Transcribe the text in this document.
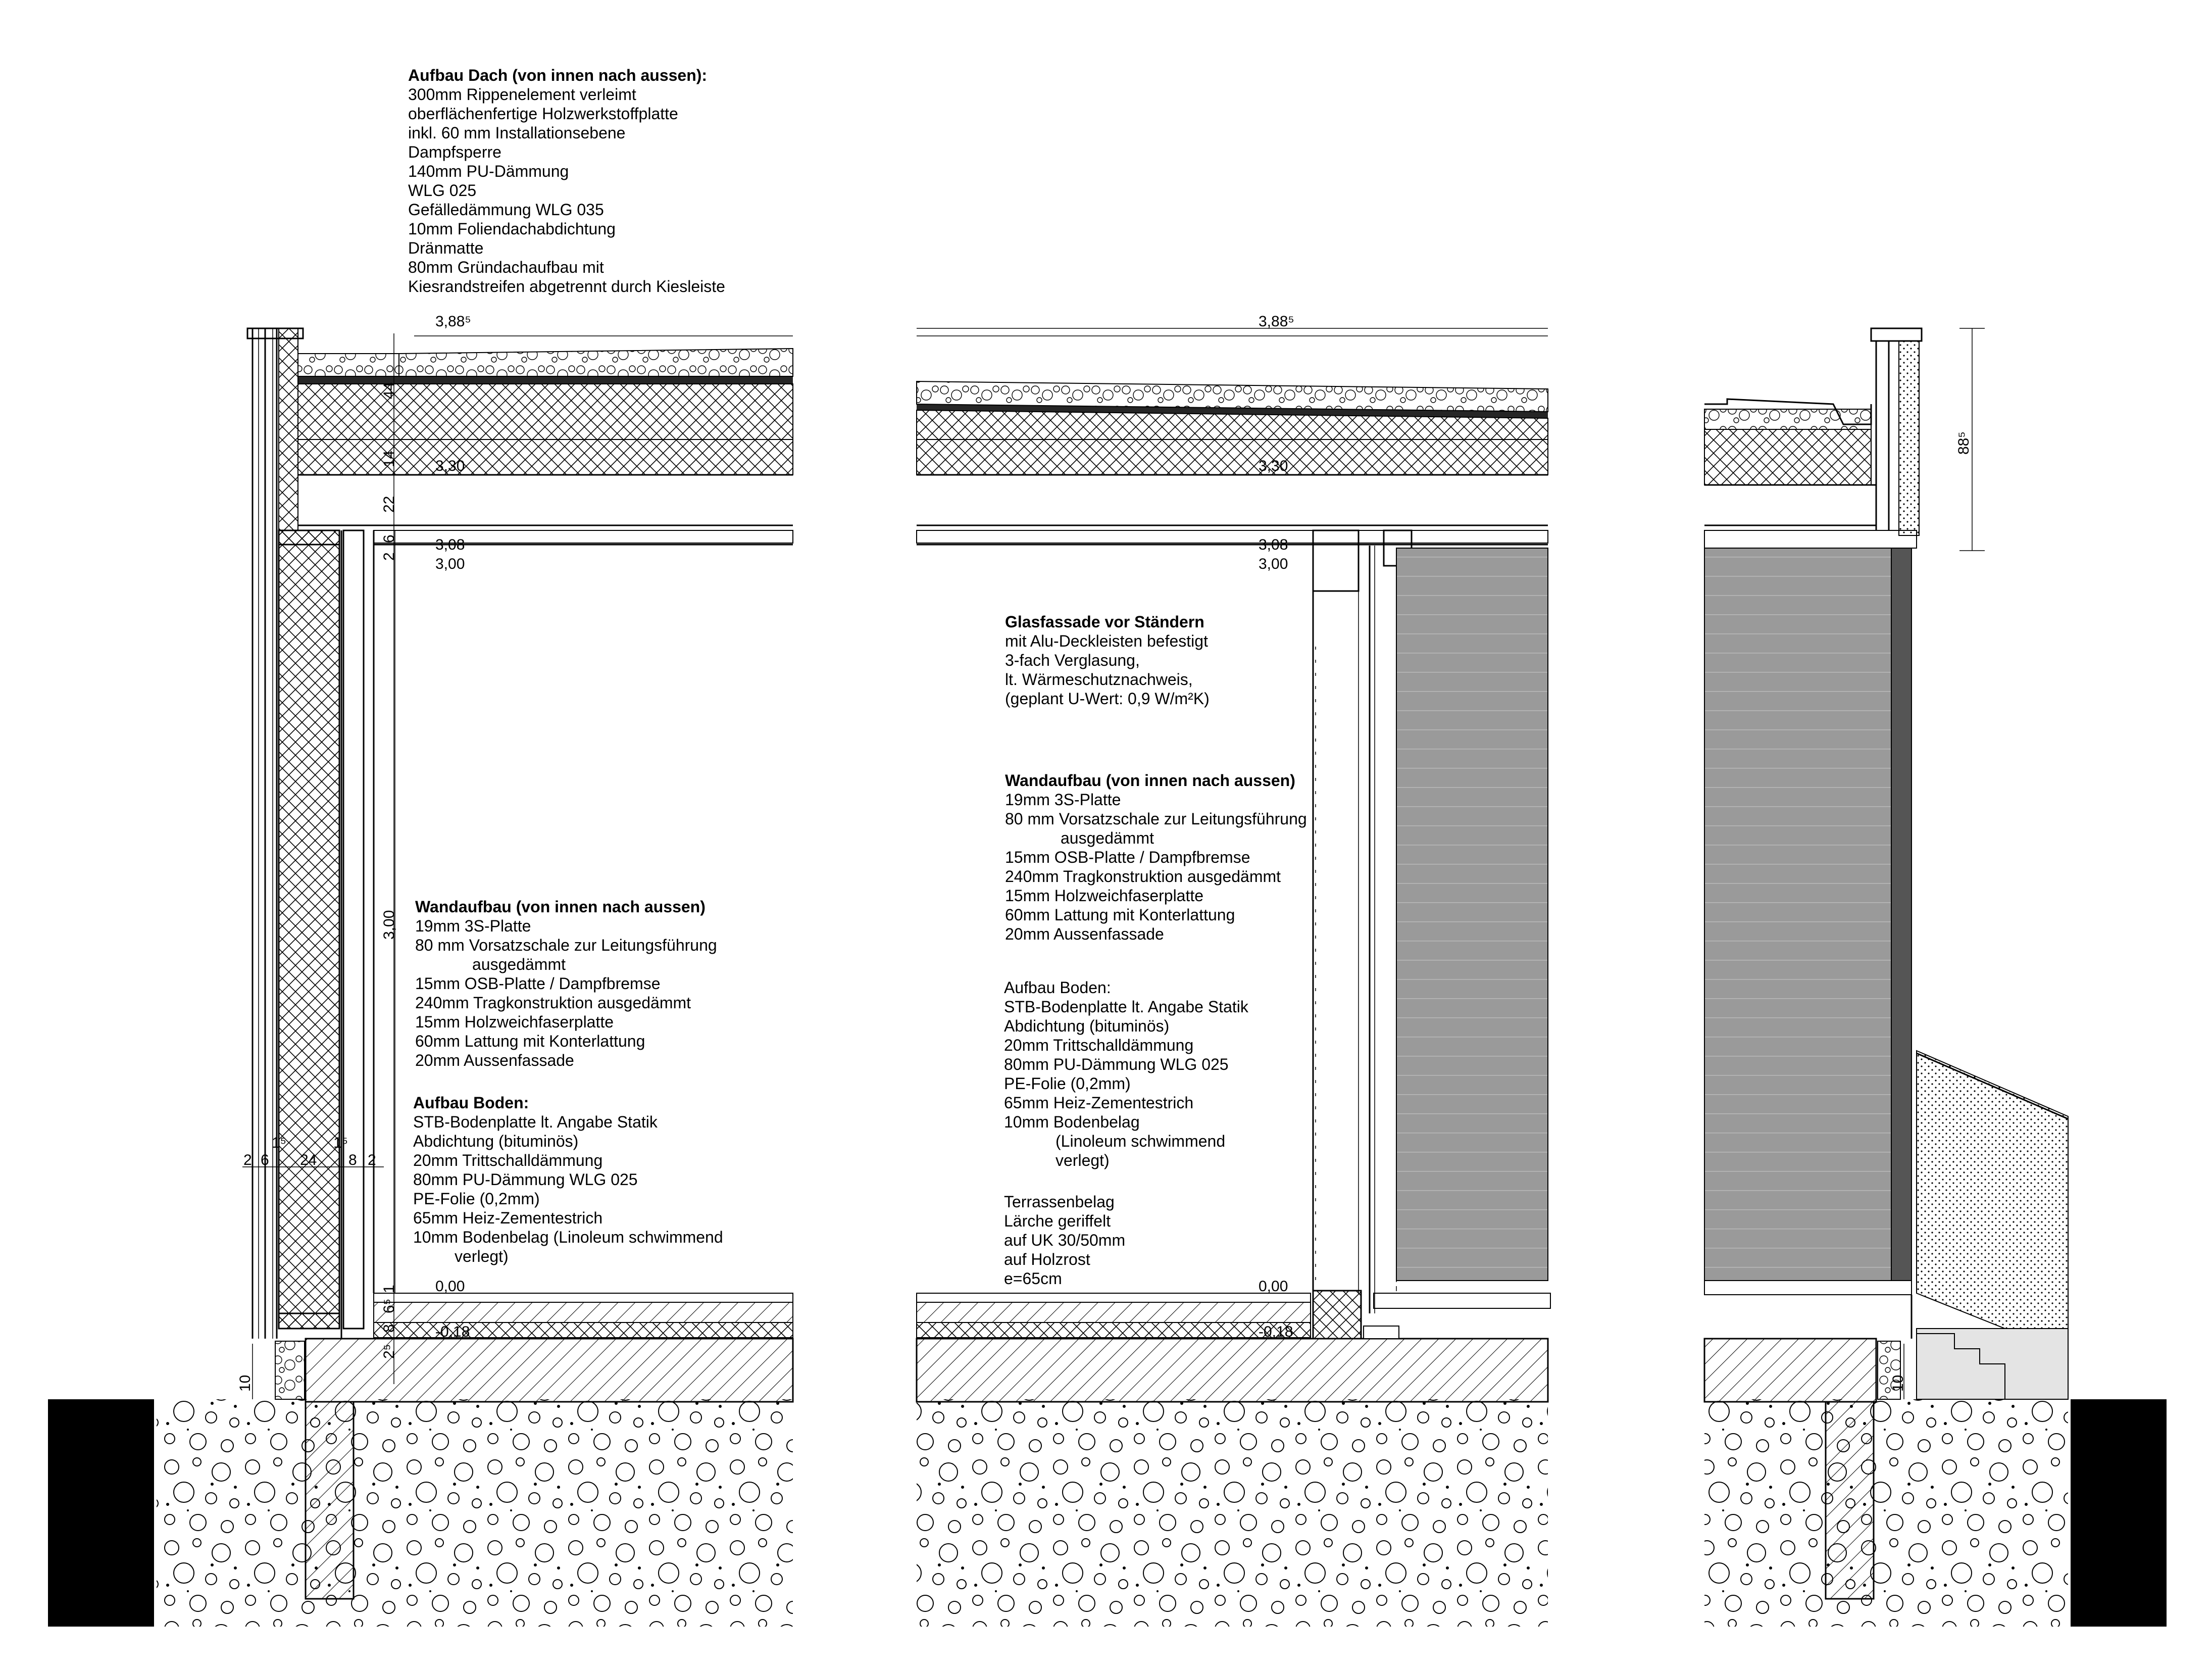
Aufbau Dach (von innen nach aussen):
300mm Rippenelement verleimt
oberflächenfertige Holzwerkstoffplatte
inkl. 60 mm Installationsebene
Dampfsperre
140mm PU-Dämmung
WLG 025
Gefälledämmung WLG 035
10mm Foliendachabdichtung
Dränmatte
80mm Gründachaufbau mit
Kiesrandstreifen abgetrennt durch Kiesleiste
Wandaufbau (von innen nach aussen)
19mm 3S-Platte
80 mm Vorsatzschale zur Leitungsführung
ausgedämmt
15mm OSB-Platte / Dampfbremse
240mm Tragkonstruktion ausgedämmt
15mm Holzweichfaserplatte
60mm Lattung mit Konterlattung
20mm Aussenfassade
Aufbau Boden:
STB-Bodenplatte lt. Angabe Statik
Abdichtung (bituminös)
20mm Trittschalldämmung
80mm PU-Dämmung WLG 025
PE-Folie (0,2mm)
65mm Heiz-Zementestrich
10mm Bodenbelag (Linoleum schwimmend
verlegt)
Glasfassade vor Ständern
mit Alu-Deckleisten befestigt
3-fach Verglasung,
lt. Wärmeschutznachweis,
(geplant U-Wert: 0,9 W/m²K)
Wandaufbau (von innen nach aussen)
19mm 3S-Platte
80 mm Vorsatzschale zur Leitungsführung
ausgedämmt
15mm OSB-Platte / Dampfbremse
240mm Tragkonstruktion ausgedämmt
15mm Holzweichfaserplatte
60mm Lattung mit Konterlattung
20mm Aussenfassade
Aufbau Boden:
STB-Bodenplatte lt. Angabe Statik
Abdichtung (bituminös)
20mm Trittschalldämmung
80mm PU-Dämmung WLG 025
PE-Folie (0,2mm)
65mm Heiz-Zementestrich
10mm Bodenbelag
(Linoleum schwimmend
verlegt)
Terrassenbelag
Lärche geriffelt
auf UK 30/50mm
auf Holzrost
e=65cm
3,88⁵	3,88⁵
3,30	3,30
3,08	3,08
3,00	3,00
0,00	0,00
-0,18	-0,18
44
14
22
2
6
3,00
2 6
1⁵
24
1⁵
8 2
1
6⁵
8
2⁵
10	10
88⁵
